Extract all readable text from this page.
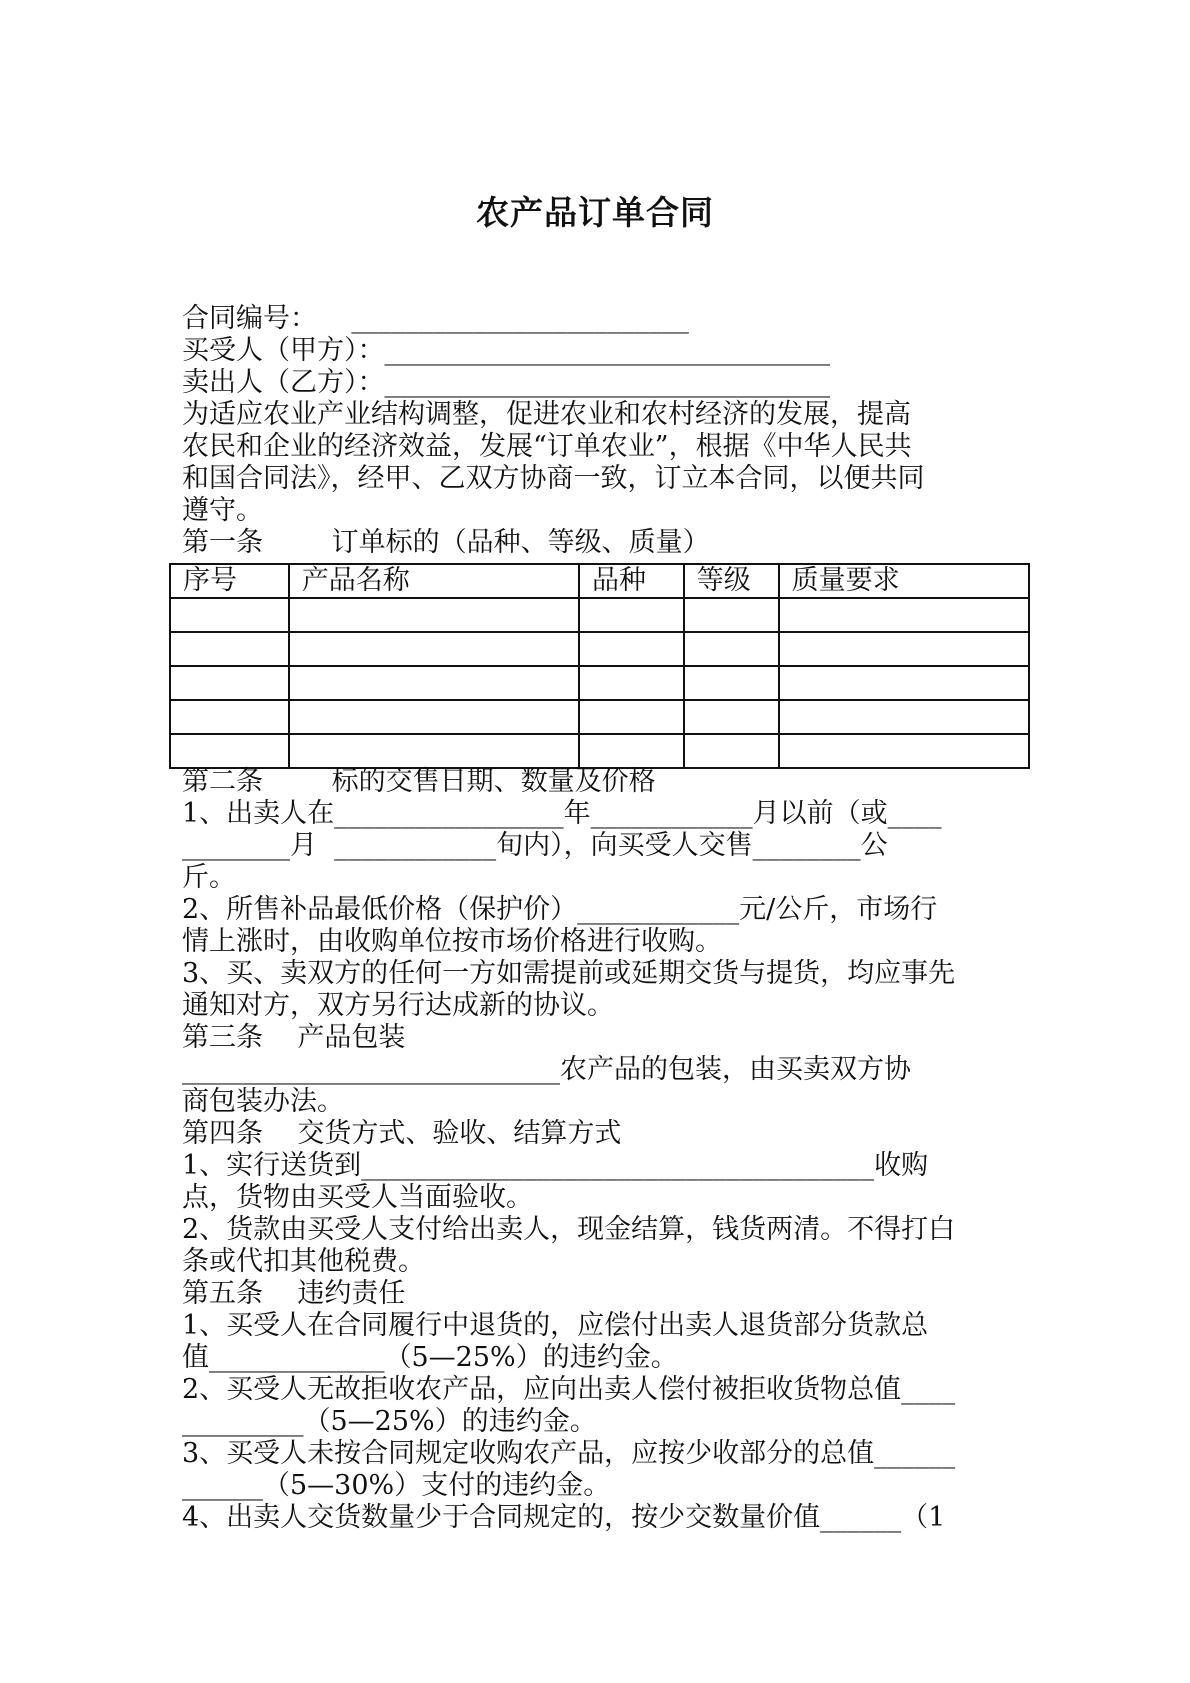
农产品订单合同

合同编号：    _________________________

买受人（甲方）：_________________________________

卖出人（乙方）：_________________________________

为适应农业产业结构调整，促进农业和农村经济的发展，提高

农民和企业的经济效益，发展“订单农业”，根据《中华人民共

和国合同法》，经甲、乙双方协商一致，订立本合同，以便共同

遵守。

第一条        订单标的（品种、等级、质量）

序号	产品名称	品种	等级	质量要求

第二条        标的交售日期、数量及价格

1、出卖人在_________________年____________月以前（或____

________月  ____________旬内），向买受人交售________公

斤。

2、所售补品最低价格（保护价）____________元/公斤，市场行

情上涨时，由收购单位按市场价格进行收购。

3、买、卖双方的任何一方如需提前或延期交货与提货，均应事先

通知对方，双方另行达成新的协议。

第三条    产品包装

____________________________农产品的包装，由买卖双方协

商包装办法。

第四条    交货方式、验收、结算方式

1、实行送货到______________________________________收购

点，货物由买受人当面验收。

2、货款由买受人支付给出卖人，现金结算，钱货两清。不得打白

条或代扣其他税费。

第五条    违约责任

1、买受人在合同履行中退货的，应偿付出卖人退货部分货款总

值_____________（5—25%）的违约金。

2、买受人无故拒收农产品，应向出卖人偿付被拒收货物总值____

_________（5—25%）的违约金。

3、买受人未按合同规定收购农产品，应按少收部分的总值______

______（5—30%）支付的违约金。

4、出卖人交货数量少于合同规定的，按少交数量价值______（1
